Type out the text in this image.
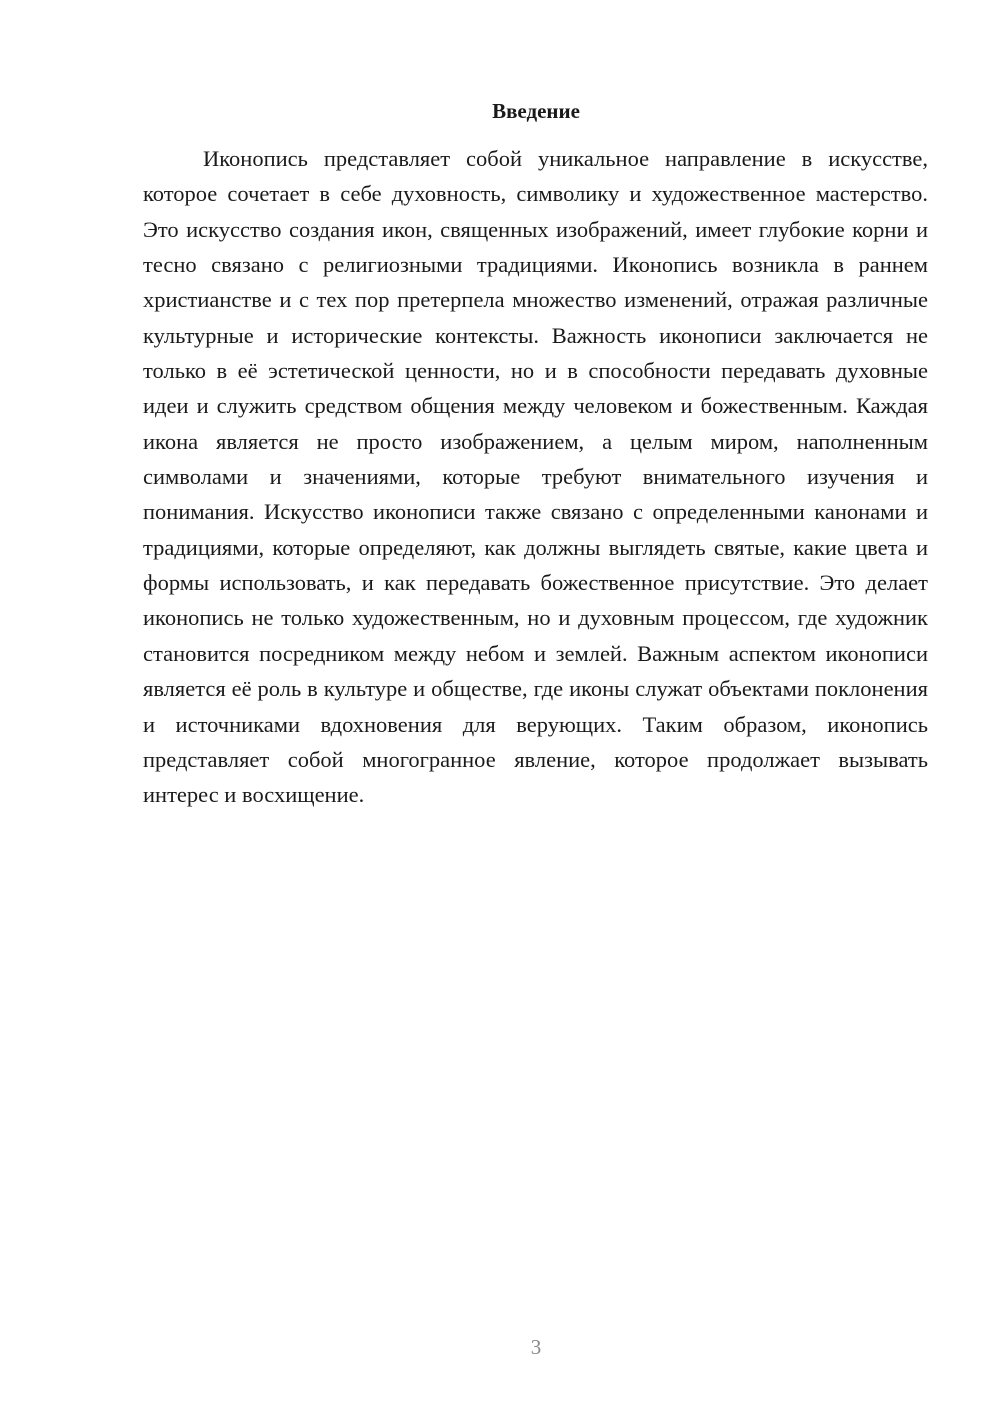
Введение

Иконопись представляет собой уникальное направление в искусстве, которое сочетает в себе духовность, символику и художественное мастерство. Это искусство создания икон, священных изображений, имеет глубокие корни и тесно связано с религиозными традициями. Иконопись возникла в раннем христианстве и с тех пор претерпела множество изменений, отражая различные культурные и исторические контексты. Важность иконописи заключается не только в её эстетической ценности, но и в способности передавать духовные идеи и служить средством общения между человеком и божественным. Каждая икона является не просто изображением, а целым миром, наполненным символами и значениями, которые требуют внимательного изучения и понимания. Искусство иконописи также связано с определенными канонами и традициями, которые определяют, как должны выглядеть святые, какие цвета и формы использовать, и как передавать божественное присутствие. Это делает иконопись не только художественным, но и духовным процессом, где художник становится посредником между небом и землей. Важным аспектом иконописи является её роль в культуре и обществе, где иконы служат объектами поклонения и источниками вдохновения для верующих. Таким образом, иконопись представляет собой многогранное явление, которое продолжает вызывать интерес и восхищение.

3
